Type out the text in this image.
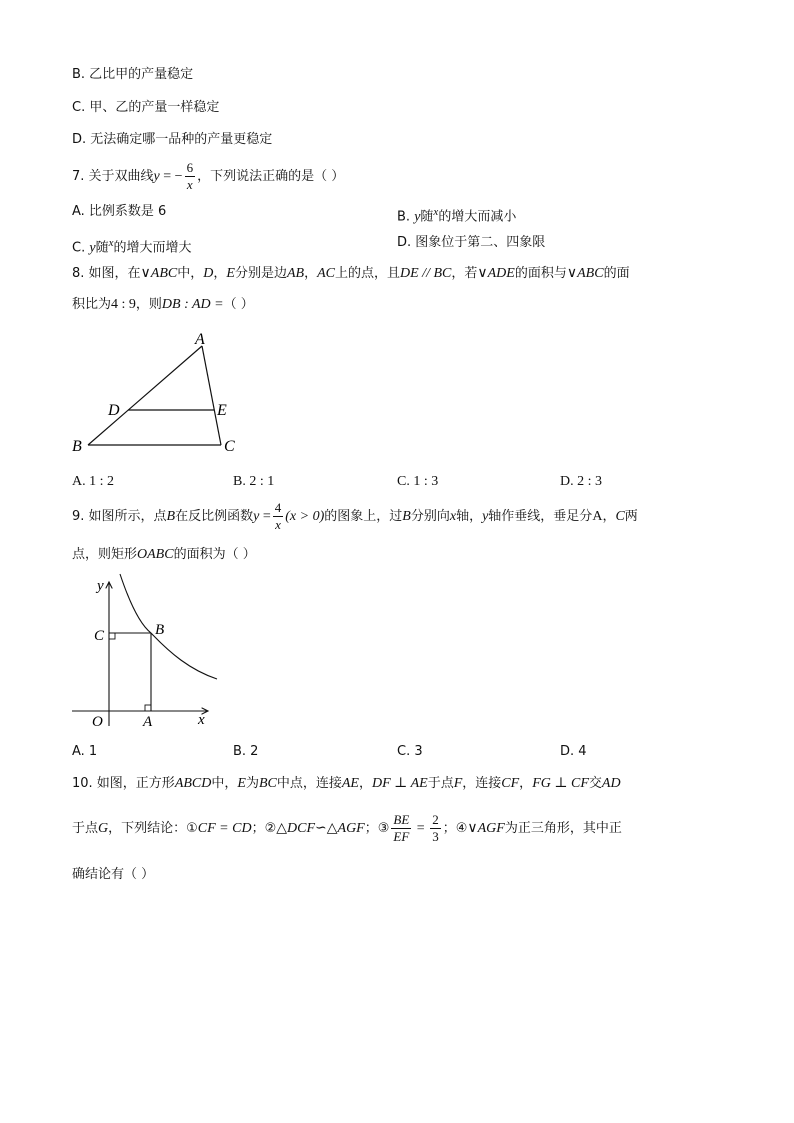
B. 乙比甲的产量稳定
C. 甲、乙的产量一样稳定
D. 无法确定哪一品种的产量更稳定
7. 关于双曲线y = − $\frac{6}{x}$ ，下列说法正确的是（ ）
A. 比例系数是 6	B. y随$^x$的增大而减小
C. y随$^x$的增大而增大	D. 图象位于第二、四象限
8. 如图，在∨ABC中，D，E分别是边AB，AC上的点，且DE // BC，若∨ADE的面积与∨ABC的面
积比为4 : 9，则DB : AD =（ ）
A
B	C
D	E
A. 1 : 2	B. 2 : 1	C. 1 : 3	D. 2 : 3
9. 如图所示，点B在反比例函数$y = \frac{4}{x} (x > 0)$的图象上，过B分别向x轴，y轴作垂线，垂足分A，C两
点，则矩形OABC的面积为（ ）
y
x
O	A
B
C
A. 1	B. 2	C. 3	D. 4
10. 如图，正方形ABCD中，E为BC中点，连接AE，DF ⊥ AE于点F，连接CF，FG ⊥ CF交AD
于点G，下列结论：①CF = CD；②△DCF∽△AGF；③ $\frac{BE}{EF} = \frac{2}{3}$ ；④∨AGF为正三角形，其中正
确结论有（ ）
